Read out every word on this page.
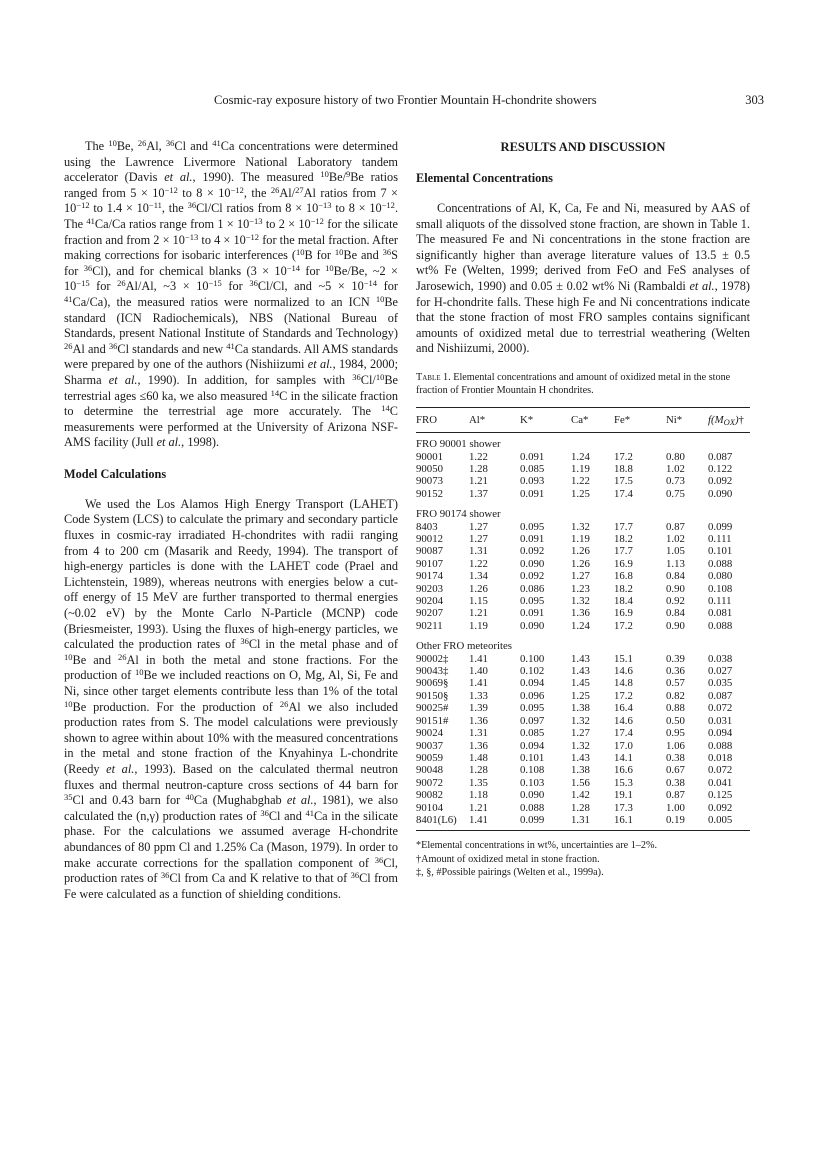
Cosmic-ray exposure history of two Frontier Mountain H-chondrite showers	303

The $^{10}$Be, $^{26}$Al, $^{36}$Cl and $^{41}$Ca concentrations were determined using the Lawrence Livermore National Laboratory tandem accelerator (Davis et al., 1990). The measured $^{10}$Be/$^9$Be ratios ranged from $5 \times 10^{-12}$ to $8 \times 10^{-12}$, the $^{26}$Al/$^{27}$Al ratios from $7 \times 10^{-12}$ to $1.4 \times 10^{-11}$, the $^{36}$Cl/Cl ratios from $8 \times 10^{-13}$ to $8 \times 10^{-12}$. The $^{41}$Ca/Ca ratios range from $1 \times 10^{-13}$ to $2 \times 10^{-12}$ for the silicate fraction and from $2 \times 10^{-13}$ to $4 \times 10^{-12}$ for the metal fraction. After making corrections for isobaric interferences ($^{10}$B for $^{10}$Be and $^{36}$S for $^{36}$Cl), and for chemical blanks ($3 \times 10^{-14}$ for $^{10}$Be/Be, ~2 × $10^{-15}$ for $^{26}$Al/Al, ~3 × $10^{-15}$ for $^{36}$Cl/Cl, and ~5 × $10^{-14}$ for $^{41}$Ca/Ca), the measured ratios were normalized to an ICN $^{10}$Be standard (ICN Radiochemicals), NBS (National Bureau of Standards, present National Institute of Standards and Technology) $^{26}$Al and $^{36}$Cl standards and new $^{41}$Ca standards. All AMS standards were prepared by one of the authors (Nishiizumi et al., 1984, 2000; Sharma et al., 1990). In addition, for samples with $^{36}$Cl/$^{10}$Be terrestrial ages ≤60 ka, we also measured $^{14}$C in the silicate fraction to determine the terrestrial age more accurately. The $^{14}$C measurements were performed at the University of Arizona NSF-AMS facility (Jull et al., 1998).

Model Calculations

We used the Los Alamos High Energy Transport (LAHET) Code System (LCS) to calculate the primary and secondary particle fluxes in cosmic-ray irradiated H-chondrites with radii ranging from 4 to 200 cm (Masarik and Reedy, 1994). The transport of high-energy particles is done with the LAHET code (Prael and Lichtenstein, 1989), whereas neutrons with energies below a cut-off energy of 15 MeV are further transported to thermal energies (~0.02 eV) by the Monte Carlo N-Particle (MCNP) code (Briesmeister, 1993). Using the fluxes of high-energy particles, we calculated the production rates of $^{36}$Cl in the metal phase and of $^{10}$Be and $^{26}$Al in both the metal and stone fractions. For the production of $^{10}$Be we included reactions on O, Mg, Al, Si, Fe and Ni, since other target elements contribute less than 1% of the total $^{10}$Be production. For the production of $^{26}$Al we also included production rates from S. The model calculations were previously shown to agree within about 10% with the measured concentrations in the metal and stone fraction of the Knyahinya L-chondrite (Reedy et al., 1993). Based on the calculated thermal neutron fluxes and thermal neutron-capture cross sections of 44 barn for $^{35}$Cl and 0.43 barn for $^{40}$Ca (Mughabghab et al., 1981), we also calculated the (n,γ) production rates of $^{36}$Cl and $^{41}$Ca in the silicate phase. For the calculations we assumed average H-chondrite abundances of 80 ppm Cl and 1.25% Ca (Mason, 1979). In order to make accurate corrections for the spallation component of $^{36}$Cl, production rates of $^{36}$Cl from Ca and K relative to that of $^{36}$Cl from Fe were calculated as a function of shielding conditions.

RESULTS AND DISCUSSION
Elemental Concentrations

Concentrations of Al, K, Ca, Fe and Ni, measured by AAS of small aliquots of the dissolved stone fraction, are shown in Table 1. The measured Fe and Ni concentrations in the stone fraction are significantly higher than average literature values of 13.5 ± 0.5 wt% Fe (Welten, 1999; derived from FeO and FeS analyses of Jarosewich, 1990) and 0.05 ± 0.02 wt% Ni (Rambaldi et al., 1978) for H-chondrite falls. These high Fe and Ni concentrations indicate that the stone fraction of most FRO samples contains significant amounts of oxidized metal due to terrestrial weathering (Welten and Nishiizumi, 2000).

Table 1. Elemental concentrations and amount of oxidized metal in the stone fraction of Frontier Mountain H chondrites.
FRO	Al*	K*	Ca*	Fe*	Ni*	$f(M_{OX})\dagger$
FRO 90001 shower						
90001	1.22	0.091	1.24	17.2	0.80	0.087
90050	1.28	0.085	1.19	18.8	1.02	0.122
90073	1.21	0.093	1.22	17.5	0.73	0.092
90152	1.37	0.091	1.25	17.4	0.75	0.090
FRO 90174 shower						
8403	1.27	0.095	1.32	17.7	0.87	0.099
90012	1.27	0.091	1.19	18.2	1.02	0.111
90087	1.31	0.092	1.26	17.7	1.05	0.101
90107	1.22	0.090	1.26	16.9	1.13	0.088
90174	1.34	0.092	1.27	16.8	0.84	0.080
90203	1.26	0.086	1.23	18.2	0.90	0.108
90204	1.15	0.095	1.32	18.4	0.92	0.111
90207	1.21	0.091	1.36	16.9	0.84	0.081
90211	1.19	0.090	1.24	17.2	0.90	0.088
Other FRO meteorites						
90002‡	1.41	0.100	1.43	15.1	0.39	0.038
90043‡	1.40	0.102	1.43	14.6	0.36	0.027
90069§	1.41	0.094	1.45	14.8	0.57	0.035
90150§	1.33	0.096	1.25	17.2	0.82	0.087
90025#	1.39	0.095	1.38	16.4	0.88	0.072
90151#	1.36	0.097	1.32	14.6	0.50	0.031
90024	1.31	0.085	1.27	17.4	0.95	0.094
90037	1.36	0.094	1.32	17.0	1.06	0.088
90059	1.48	0.101	1.43	14.1	0.38	0.018
90048	1.28	0.108	1.38	16.6	0.67	0.072
90072	1.35	0.103	1.56	15.3	0.38	0.041
90082	1.18	0.090	1.42	19.1	0.87	0.125
90104	1.21	0.088	1.28	17.3	1.00	0.092
8401(L6)	1.41	0.099	1.31	16.1	0.19	0.005
*Elemental concentrations in wt%, uncertainties are 1–2%.
†Amount of oxidized metal in stone fraction.
‡, §, #Possible pairings (Welten et al., 1999a).
